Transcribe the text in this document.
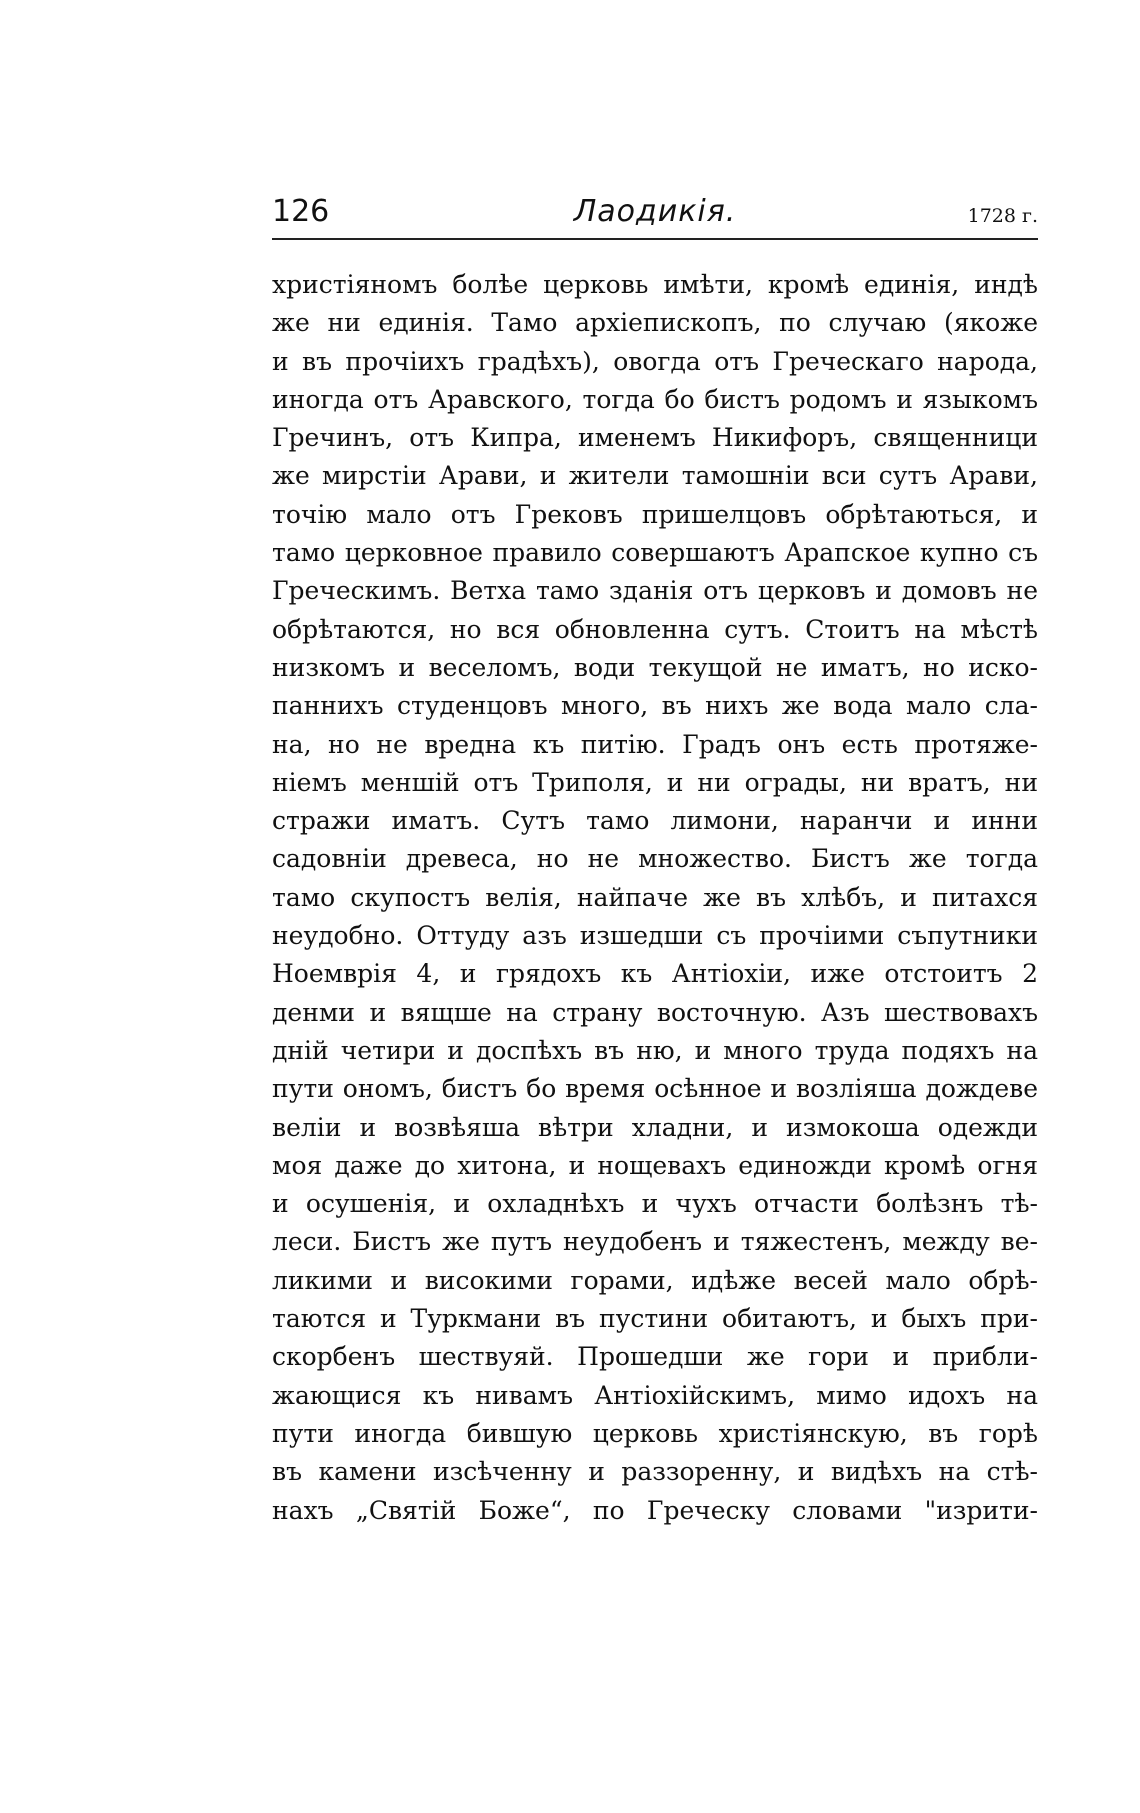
126	Лаодикія.	1728 г.
христіяномъ болѣе церковь имѣти, кромѣ единія, индѣ
же ни единія. Тамо архіепископъ, по случаю (якоже
и въ прочіихъ градѣхъ), овогда отъ Греческаго народа,
иногда отъ Аравского, тогда бо бистъ родомъ и языкомъ
Гречинъ, отъ Кипра, именемъ Никифоръ, священници
же мирстіи Арави, и жители тамошніи вси сутъ Арави,
точію мало отъ Грековъ пришелцовъ обрѣтаються, и
тамо церковное правило совершаютъ Арапское купно съ
Греческимъ. Ветха тамо зданія отъ церковъ и домовъ не
обрѣтаются, но вся обновленна сутъ. Стоитъ на мѣстѣ
низкомъ и веселомъ, води текущой не иматъ, но иско-
паннихъ студенцовъ много, въ нихъ же вода мало сла-
на, но не вредна къ питію. Градъ онъ есть протяже-
ніемъ меншій отъ Триполя, и ни ограды, ни вратъ, ни
стражи иматъ. Сутъ тамо лимони, наранчи и инни
садовніи древеса, но не множество. Бистъ же тогда
тамо скупостъ велія, найпаче же въ хлѣбъ, и питахся
неудобно. Оттуду азъ изшедши съ прочіими съпутники
Ноемврія 4, и грядохъ къ Антіохіи, иже отстоитъ 2
денми и вящше на страну восточную. Азъ шествовахъ
дній четири и доспѣхъ въ ню, и много труда подяхъ на
пути ономъ, бистъ бо время осѣнное и возліяша дождеве
веліи и возвѣяша вѣтри хладни, и измокоша одежди
моя даже до хитона, и нощевахъ единожди кромѣ огня
и осушенія, и охладнѣхъ и чухъ отчасти болѣзнъ тѣ-
леси. Бистъ же путъ неудобенъ и тяжестенъ, между ве-
ликими и високими горами, идѣже весей мало обрѣ-
таются и Туркмани въ пустини обитаютъ, и быхъ при-
скорбенъ шествуяй. Прошедши же гори и прибли-
жающися къ нивамъ Антіохійскимъ, мимо идохъ на
пути иногда бившую церковь христіянскую, въ горѣ
въ камени изсѣченну и раззоренну, и видѣхъ на стѣ-
нахъ „Святій Боже“, по Греческу словами "изрити-
